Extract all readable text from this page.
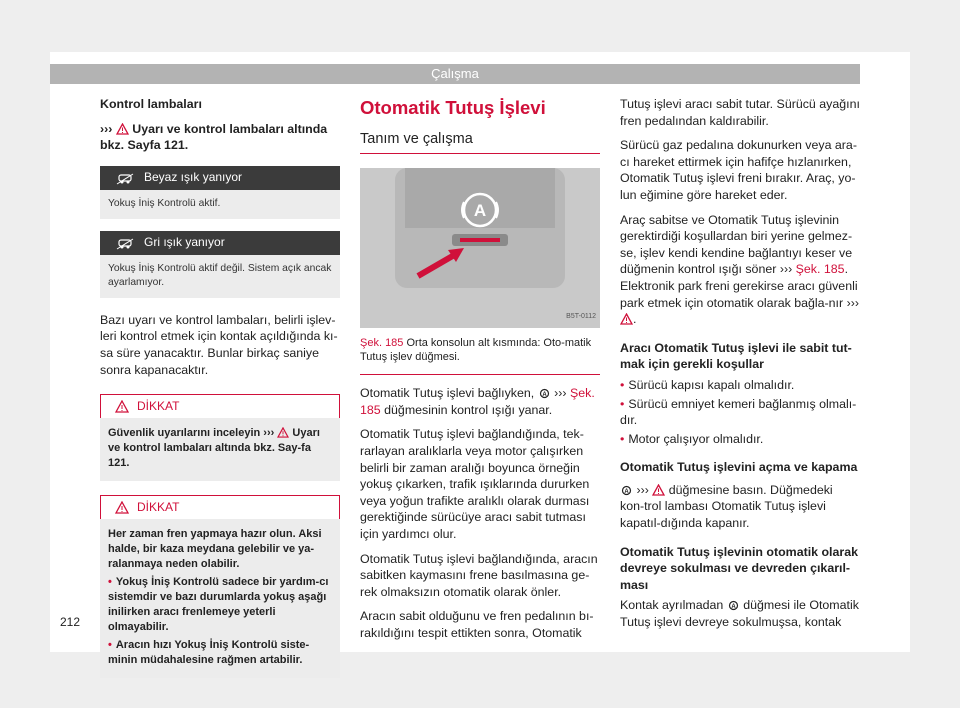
Çalışma

Kontrol lambaları

››› Uyarı ve kontrol lambaları altında bkz. Sayfa 121.

Beyaz ışık yanıyor
Yokuş İniş Kontrolü aktif.
Gri ışık yanıyor
Yokuş İniş Kontrolü aktif değil. Sistem açık ancak ayarlamıyor.

Bazı uyarı ve kontrol lambaları, belirli işlev-leri kontrol etmek için kontak açıldığında kı-sa süre yanacaktır. Bunlar birkaç saniye sonra kapanacaktır.

DİKKAT
Güvenlik uyarılarını inceleyin ››› Uyarı ve kontrol lambaları altında bkz. Say-fa 121.
DİKKAT
Her zaman fren yapmaya hazır olun. Aksi halde, bir kaza meydana gelebilir ve ya-ralanmaya neden olabilir.
• Yokuş İniş Kontrolü sadece bir yardım-cı sistemdir ve bazı durumlarda yokuş aşağı inilirken aracı frenlemeye yeterli olmayabilir.
• Aracın hızı Yokuş İniş Kontrolü siste-minin müdahalesine rağmen artabilir.
Otomatik Tutuş İşlevi
Tanım ve çalışma
A
B5T-0112
Şek. 185 Orta konsolun alt kısmında: Oto-matik Tutuş işlev düğmesi.

Otomatik Tutuş işlevi bağlıyken, A ››› Şek. 185 düğmesinin kontrol ışığı yanar.

Otomatik Tutuş işlevi bağlandığında, tek-rarlayan aralıklarla veya motor çalışırken belirli bir zaman aralığı boyunca örneğin yokuş çıkarken, trafik ışıklarında dururken veya yoğun trafikte aralıklı olarak durması gerektiğinde sürücüye aracı sabit tutması için yardımcı olur.

Otomatik Tutuş işlevi bağlandığında, aracın sabitken kaymasını frene basılmasına ge-rek olmaksızın otomatik olarak önler.

Aracın sabit olduğunu ve fren pedalının bı-rakıldığını tespit ettikten sonra, Otomatik

Tutuş işlevi aracı sabit tutar. Sürücü ayağını fren pedalından kaldırabilir.

Sürücü gaz pedalına dokunurken veya ara-cı hareket ettirmek için hafifçe hızlanırken, Otomatik Tutuş işlevi freni bırakır. Araç, yo-lun eğimine göre hareket eder.

Araç sabitse ve Otomatik Tutuş işlevinin gerektirdiği koşullardan biri yerine gelmez-se, işlev kendi kendine bağlantıyı keser ve düğmenin kontrol ışığı söner ››› Şek. 185. Elektronik park freni gerekirse aracı güvenli park etmek için otomatik olarak bağla-nır ››› .

Aracı Otomatik Tutuş işlevi ile sabit tut-mak için gerekli koşullar

• Sürücü kapısı kapalı olmalıdır.
• Sürücü emniyet kemeri bağlanmış olmalı-dır.
• Motor çalışıyor olmalıdır.

Otomatik Tutuş işlevini açma ve kapama

A ››› düğmesine basın. Düğmedeki kon-trol lambası Otomatik Tutuş işlevi kapatıl-dığında kapanır.

Otomatik Tutuş işlevinin otomatik olarak devreye sokulması ve devreden çıkarıl-ması

Kontak ayrılmadan A düğmesi ile Otomatik Tutuş işlevi devreye sokulmuşsa, kontak

212
